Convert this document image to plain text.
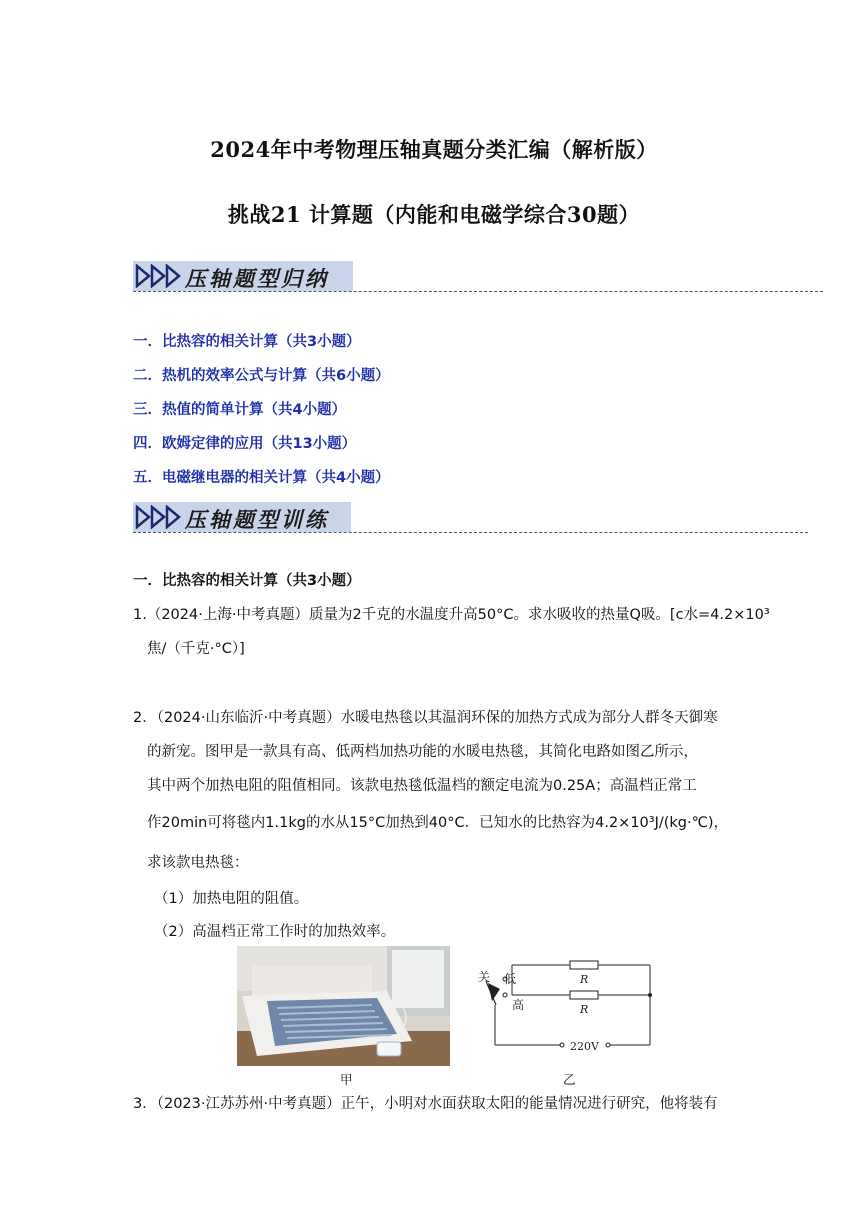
2024年中考物理压轴真题分类汇编（解析版）
挑战21 计算题（内能和电磁学综合30题）
压轴题型归纳
一．比热容的相关计算（共3小题）
二．热机的效率公式与计算（共6小题）
三．热值的简单计算（共4小题）
四．欧姆定律的应用（共13小题）
五．电磁继电器的相关计算（共4小题）
压轴题型训练
一．比热容的相关计算（共3小题）
1.（2024·上海·中考真题）质量为2千克的水温度升高50°C。求水吸收的热量Q吸。[c水=4.2×10³
焦/（千克·°C）]
2．（2024·山东临沂·中考真题）水暖电热毯以其温润环保的加热方式成为部分人群冬天御寒
的新宠。图甲是一款具有高、低两档加热功能的水暖电热毯，其简化电路如图乙所示，
其中两个加热电阻的阻值相同。该款电热毯低温档的额定电流为0.25A；高温档正常工
作20min可将毯内1.1kg的水从15°C加热到40°C．已知水的比热容为4.2×10³J/(kg·℃)，
求该款电热毯：
（1）加热电阻的阻值。
（2）高温档正常工作时的加热效率。
甲
关 低
高
R
R
220V
乙
3．（2023·江苏苏州·中考真题）正午，小明对水面获取太阳的能量情况进行研究，他将装有
